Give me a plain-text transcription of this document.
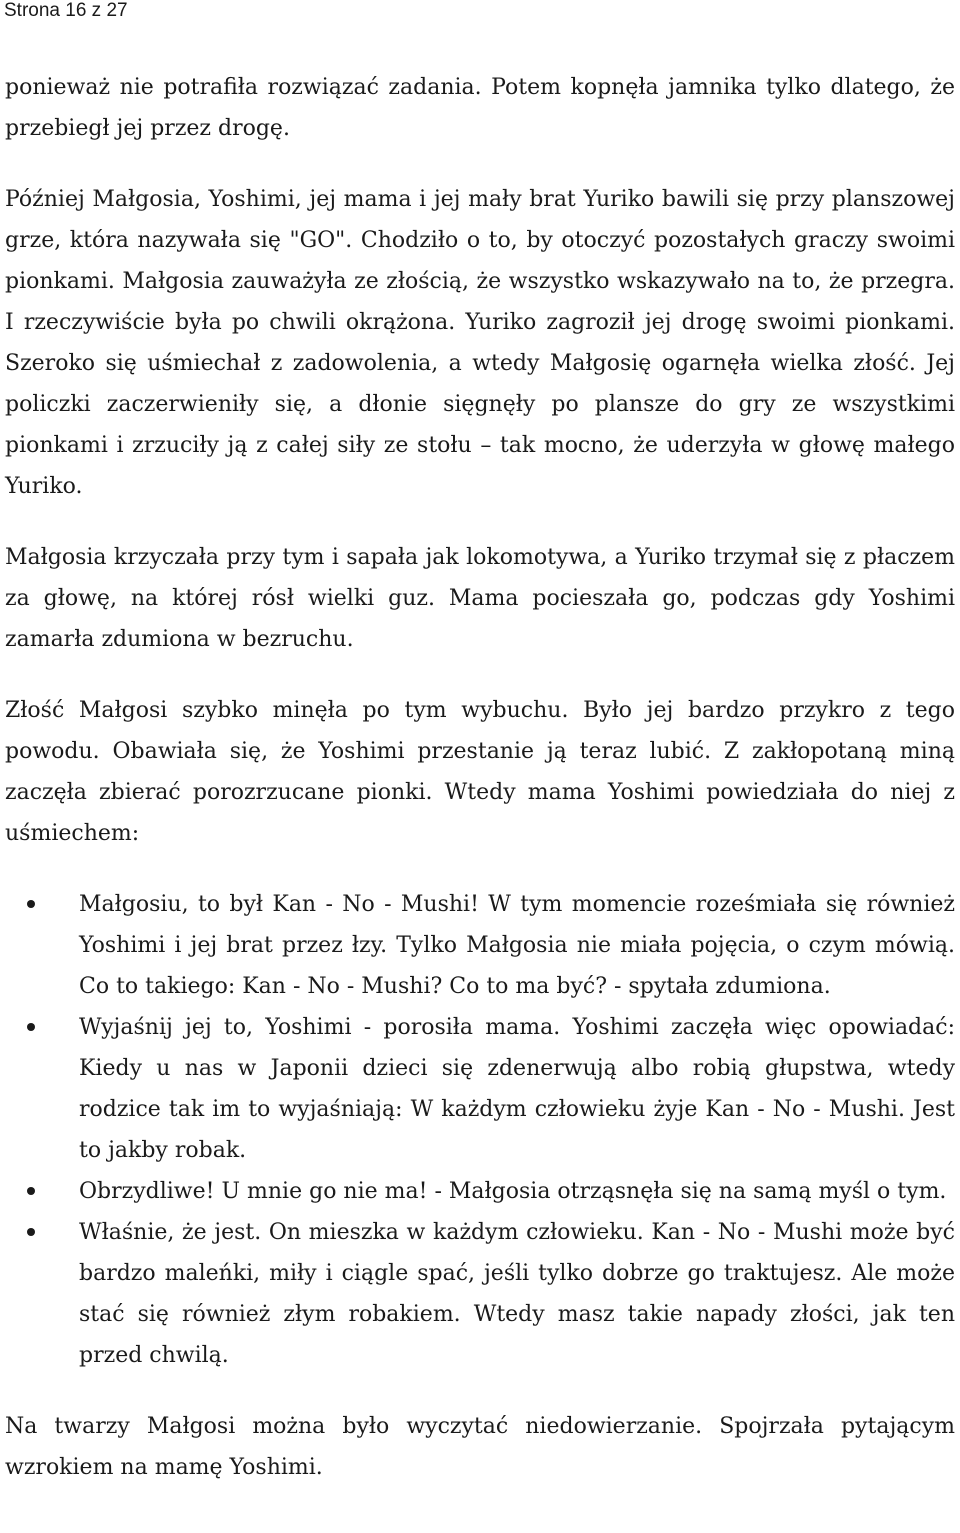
Strona 16 z 27

ponieważ nie potrafiła rozwiązać zadania. Potem kopnęła jamnika tylko dlatego, że przebiegł jej przez drogę.

Później Małgosia, Yoshimi, jej mama i jej mały brat Yuriko bawili się przy planszowej grze, która nazywała się "GO". Chodziło o to, by otoczyć pozostałych graczy swoimi pionkami. Małgosia zauważyła ze złością, że wszystko wskazywało na to, że przegra. I rzeczywiście była po chwili okrążona. Yuriko zagroził jej drogę swoimi pionkami. Szeroko się uśmiechał z zadowolenia, a wtedy Małgosię ogarnęła wielka złość. Jej policzki zaczerwieniły się, a dłonie sięgnęły po plansze do gry ze wszystkimi pionkami i zrzuciły ją z całej siły ze stołu – tak mocno, że uderzyła w głowę małego Yuriko.

Małgosia krzyczała przy tym i sapała jak lokomotywa, a Yuriko trzymał się z płaczem za głowę, na której rósł wielki guz. Mama pocieszała go, podczas gdy Yoshimi zamarła zdumiona w bezruchu.

Złość Małgosi szybko minęła po tym wybuchu. Było jej bardzo przykro z tego powodu. Obawiała się, że Yoshimi przestanie ją teraz lubić. Z zakłopotaną miną zaczęła zbierać porozrzucane pionki. Wtedy mama Yoshimi powiedziała do niej z uśmiechem:

Małgosiu, to był Kan - No - Mushi! W tym momencie roześmiała się również Yoshimi i jej brat przez łzy. Tylko Małgosia nie miała pojęcia, o czym mówią. Co to takiego: Kan - No - Mushi? Co to ma być? - spytała zdumiona.
Wyjaśnij jej to, Yoshimi - porosiła mama. Yoshimi zaczęła więc opowiadać: Kiedy u nas w Japonii dzieci się zdenerwują albo robią głupstwa, wtedy rodzice tak im to wyjaśniają: W każdym człowieku żyje Kan - No - Mushi. Jest to jakby robak.
Obrzydliwe! U mnie go nie ma! - Małgosia otrząsnęła się na samą myśl o tym.
Właśnie, że jest. On mieszka w każdym człowieku. Kan - No - Mushi może być bardzo maleńki, miły i ciągle spać, jeśli tylko dobrze go traktujesz. Ale może stać się również złym robakiem. Wtedy masz takie napady złości, jak ten przed chwilą.

Na twarzy Małgosi można było wyczytać niedowierzanie. Spojrzała pytającym wzrokiem na mamę Yoshimi.
